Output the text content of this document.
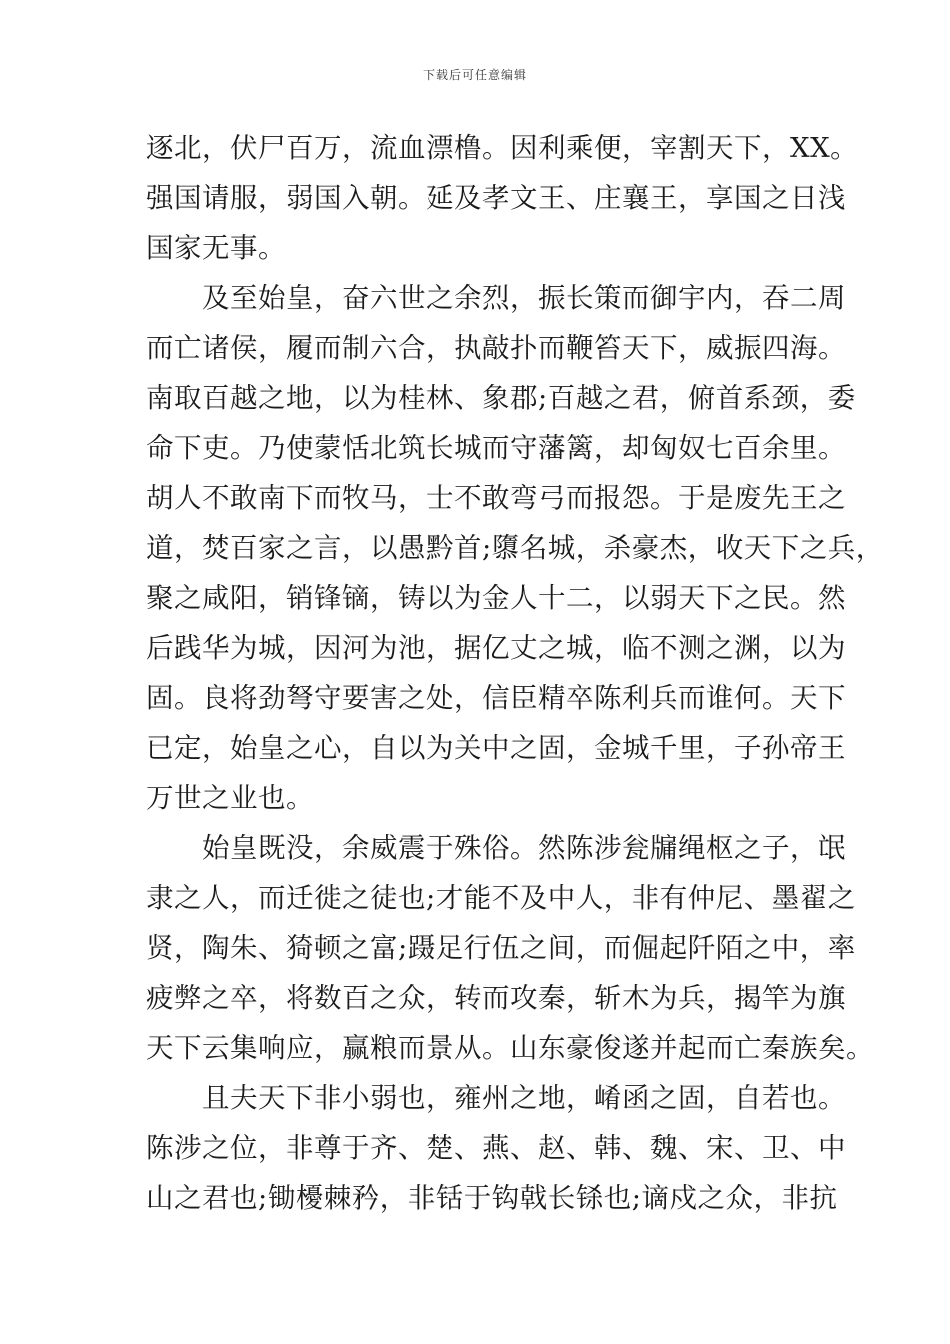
下载后可任意编辑
逐北，伏尸百万，流血漂橹。因利乘便，宰割天下，XX。
强国请服，弱国入朝。延及孝文王、庄襄王，享国之日浅
国家无事。
　　及至始皇，奋六世之余烈，振长策而御宇内，吞二周
而亡诸侯，履而制六合，执敲扑而鞭笞天下，威振四海。
南取百越之地，以为桂林、象郡;百越之君，俯首系颈，委
命下吏。乃使蒙恬北筑长城而守藩篱，却匈奴七百余里。
胡人不敢南下而牧马，士不敢弯弓而报怨。于是废先王之
道，焚百家之言，以愚黔首;隳名城，杀豪杰，收天下之兵，
聚之咸阳，销锋镝，铸以为金人十二，以弱天下之民。然
后践华为城，因河为池，据亿丈之城，临不测之渊，以为
固。良将劲弩守要害之处，信臣精卒陈利兵而谁何。天下
已定，始皇之心，自以为关中之固，金城千里，子孙帝王
万世之业也。
　　始皇既没，余威震于殊俗。然陈涉瓮牖绳枢之子，氓
隶之人，而迁徙之徒也;才能不及中人，非有仲尼、墨翟之
贤，陶朱、猗顿之富;蹑足行伍之间，而倔起阡陌之中，率
疲弊之卒，将数百之众，转而攻秦，斩木为兵，揭竿为旗
天下云集响应，赢粮而景从。山东豪俊遂并起而亡秦族矣。
　　且夫天下非小弱也，雍州之地，崤函之固，自若也。
陈涉之位，非尊于齐、楚、燕、赵、韩、魏、宋、卫、中
山之君也;锄櫌棘矜，非铦于钩戟长铩也;谪戍之众，非抗
